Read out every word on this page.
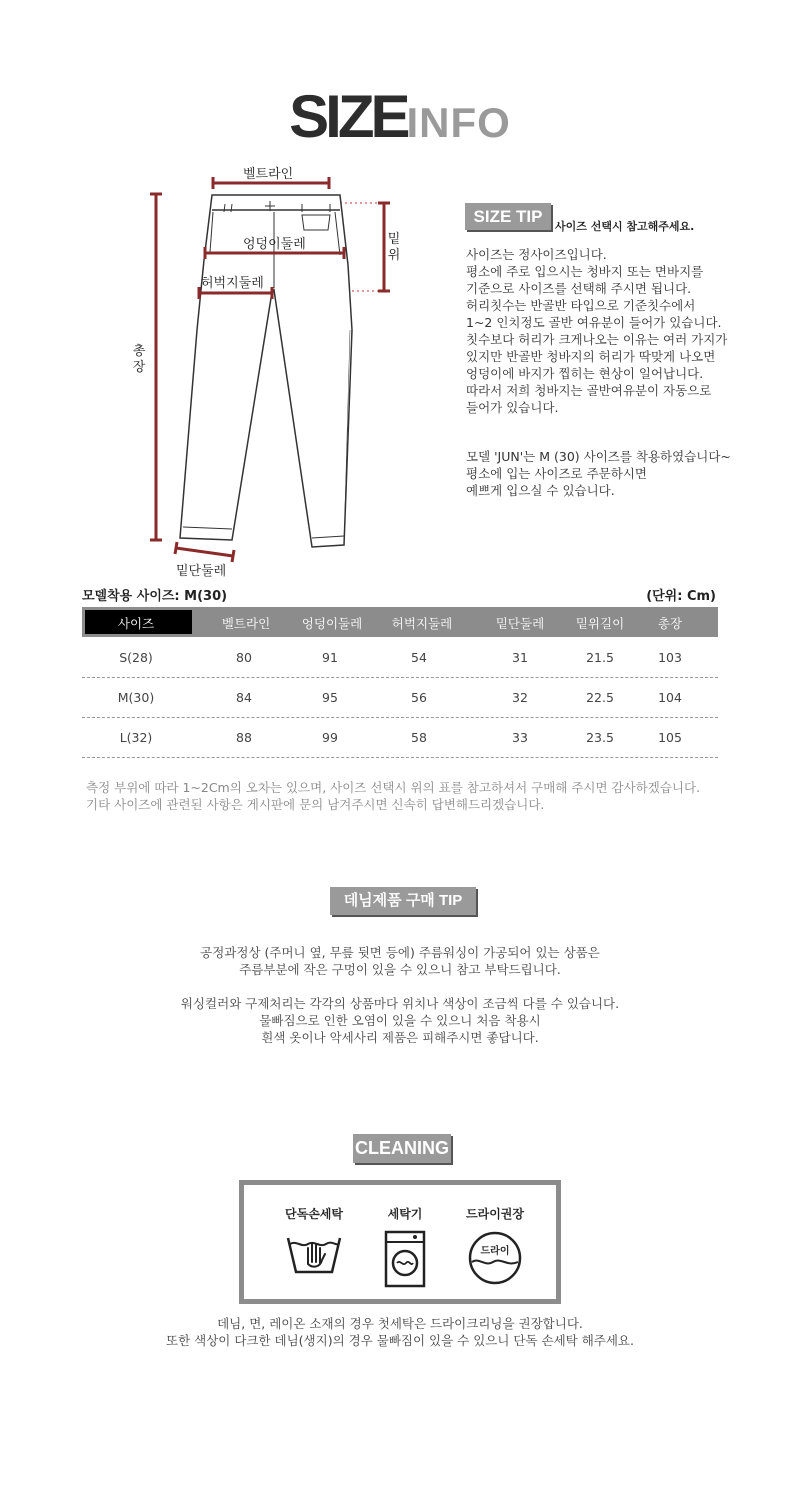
SIZEINFO
벨트라인
엉덩이둘레
허벅지둘레
밑위
총장
밑단둘레
SIZE TIP
사이즈 선택시 참고해주세요.
사이즈는 정사이즈입니다.
평소에 주로 입으시는 청바지 또는 면바지를
기준으로 사이즈를 선택해 주시면 됩니다.
허리칫수는 반골반 타입으로 기준칫수에서
1~2 인치정도 골반 여유분이 들어가 있습니다.
칫수보다 허리가 크게나오는 이유는 여러 가지가
있지만 반골반 청바지의 허리가 딱맞게 나오면
엉덩이에 바지가 찝히는 현상이 일어납니다.
따라서 저희 청바지는 골반여유분이 자동으로
들어가 있습니다.
모델 'JUN'는 M (30) 사이즈를 착용하였습니다~
평소에 입는 사이즈로 주문하시면
예쁘게 입으실 수 있습니다.
모델착용 사이즈: M(30)	(단위: Cm)
사이즈	벨트라인	엉덩이둘레 허벅지둘레	밑단둘레	밑위길이	총장
S(28)	80	91	54	31	21.5	103
M(30)	84	95	56	32	22.5	104
L(32)	88	99	58	33	23.5	105
측정 부위에 따라 1~2Cm의 오차는 있으며, 사이즈 선택시 위의 표를 참고하셔서 구매해 주시면 감사하겠습니다.
기타 사이즈에 관련된 사항은 게시판에 문의 남겨주시면 신속히 답변해드리겠습니다.
데님제품 구매 TIP
공정과정상 (주머니 옆, 무릎 뒷면 등에) 주름워싱이 가공되어 있는 상품은
주름부분에 작은 구멍이 있을 수 있으니 참고 부탁드립니다.
워싱컬러와 구제처리는 각각의 상품마다 위치나 색상이 조금씩 다를 수 있습니다.
물빠짐으로 인한 오염이 있을 수 있으니 처음 착용시
흰색 옷이나 악세사리 제품은 피해주시면 좋답니다.
CLEANING
단독손세탁	세탁기	드라이권장
드라이
데님, 면, 레이온 소재의 경우 첫세탁은 드라이크리닝을 권장합니다.
또한 색상이 다크한 데님(생지)의 경우 물빠짐이 있을 수 있으니 단독 손세탁 해주세요.
